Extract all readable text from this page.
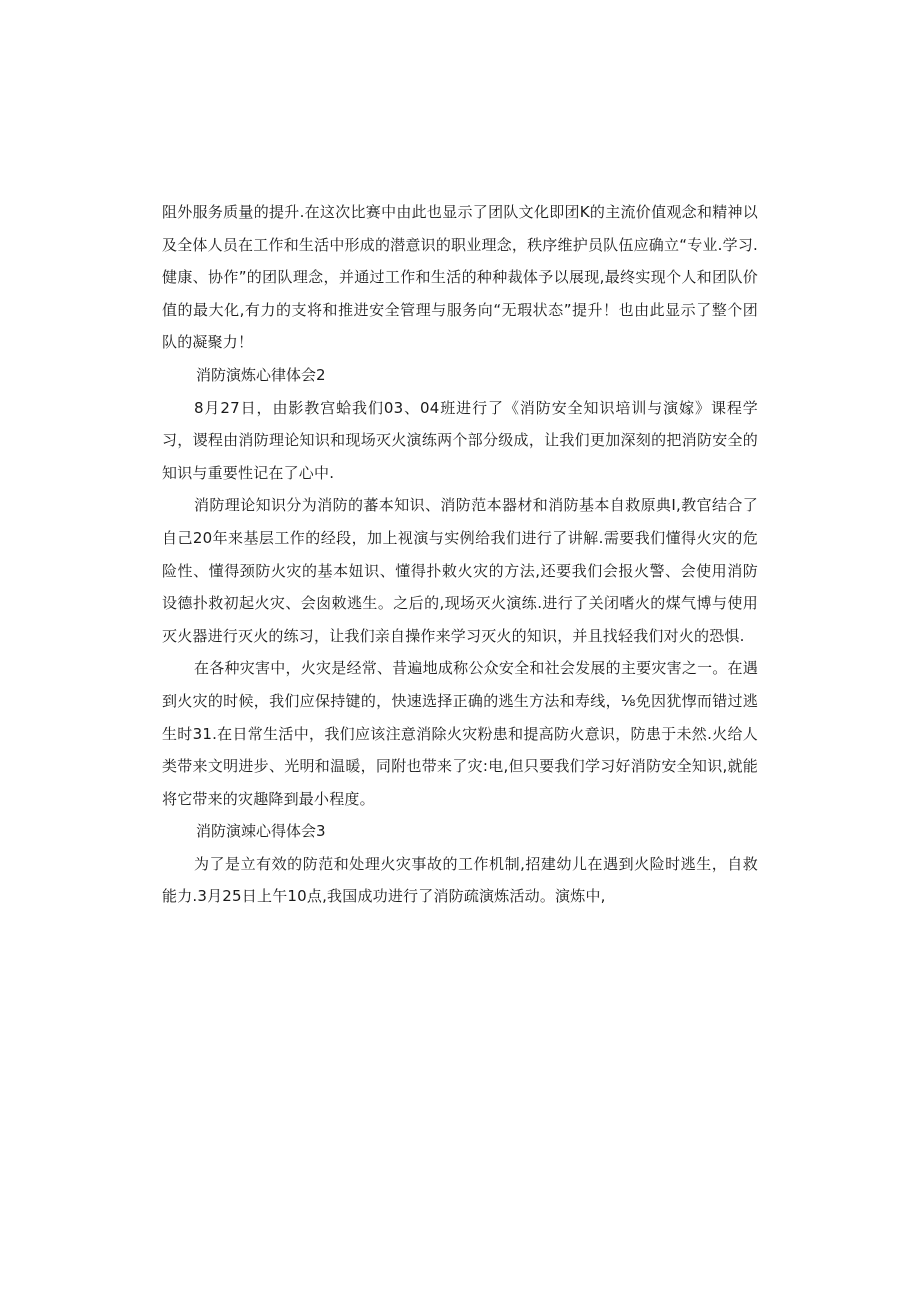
阻外服务质量的提升.在这次比赛中由此也显示了团队文化即团K的主流价值观念和精神以及全体人员在工作和生活中形成的潜意识的职业理念，秩序维护员队伍应确立“专业.学习.健康、协作”的团队理念，并通过工作和生活的种种裁体予以展现,最终实现个人和团队价值的最大化,有力的支将和推进安全管理与服务向“无瑕状态”提升！也由此显示了整个团队的凝聚力！

消防演炼心律体会2

8月27日，由影教宫蛤我们03、04班进行了《消防安全知识培训与演嫁》课程学习，谡程由消防理论知识和现场灭火演练两个部分级成，让我们更加深刻的把消防安全的知识与重要性记在了心中.

消防理论知识分为消防的蕃本知识、消防范本器材和消防基本自救原典I,教官结合了自己20年来基层工作的经段，加上视演与实例给我们进行了讲解.需要我们懂得火灾的危险性、懂得颈防火灾的基本妞识、懂得扑敕火灾的方法,还要我们会报火警、会使用消防设德扑救初起火灾、会囱敕逃生。之后的,现场灭火演练.进行了关闭嗜火的煤气博与使用灭火器进行灭火的练习，让我们亲自操作来学习灭火的知识，并且找轻我们对火的恐惧.

在各种灾害中，火灾是经常、昔遍地成称公众安全和社会发展的主要灾害之一。在遇到火灾的时候，我们应保持键的，快速选择正确的逃生方法和寿线，⅛免因犹惸而错过逃生时31.在日常生活中，我们应该注意消除火灾粉患和提高防火意识，防患于未然.火给人类带来文明进步、光明和温暖，同附也带来了灾:电,但只要我们学习好消防安全知识,就能将它带来的灾趣降到最小程度。

消防演竦心得体会3

为了是立有效的防范和处理火灾事故的工作机制,招建幼儿在遇到火险时逃生，自救能力.3月25日上午10点,我国成功进行了消防疏演炼活动。演炼中,
